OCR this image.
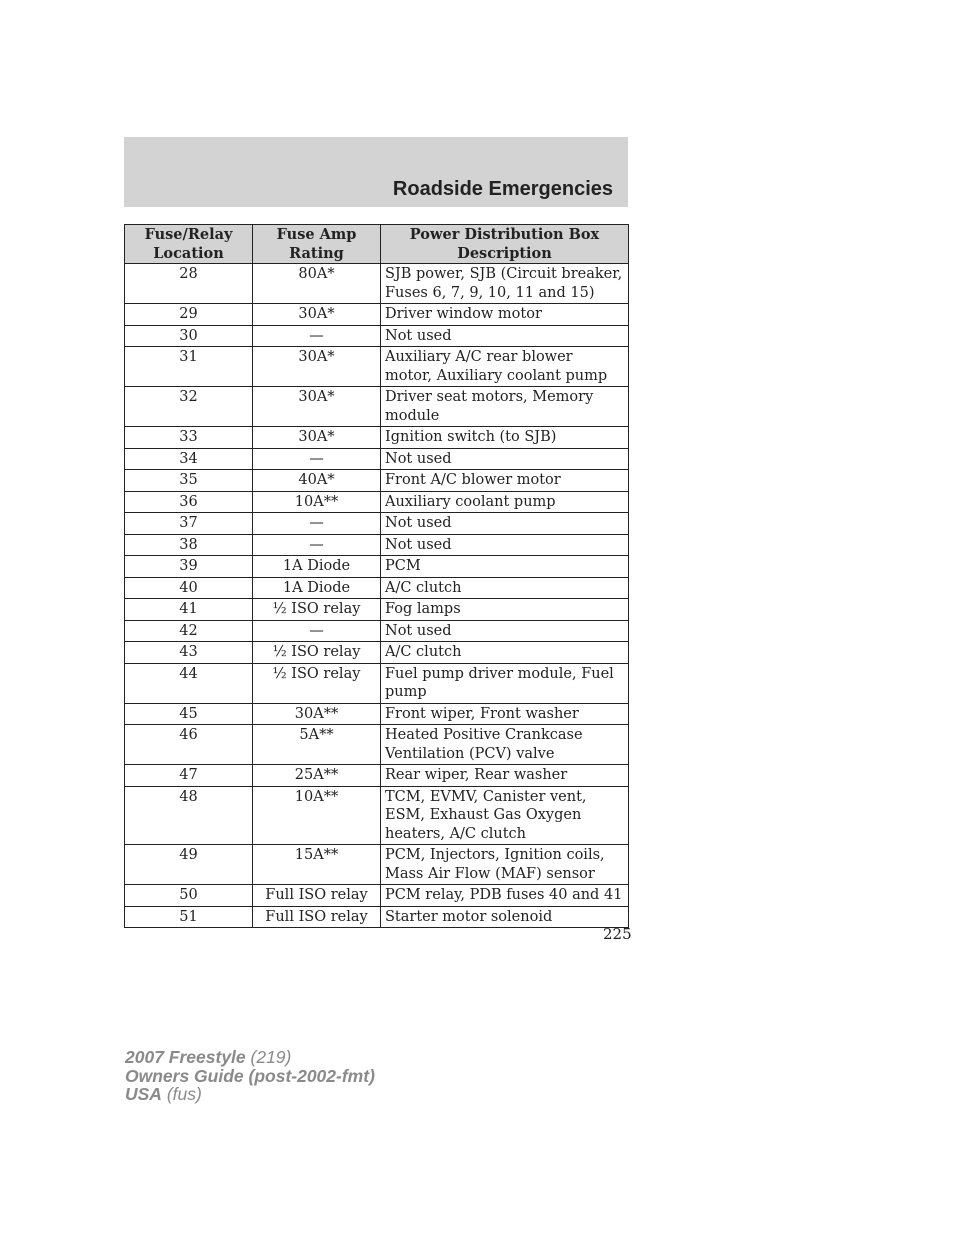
Roadside Emergencies
Fuse/Relay Location	Fuse Amp Rating	Power Distribution Box Description
28	80A*	SJB power, SJB (Circuit breaker, Fuses 6, 7, 9, 10, 11 and 15)
29	30A*	Driver window motor
30	—	Not used
31	30A*	Auxiliary A/C rear blower motor, Auxiliary coolant pump
32	30A*	Driver seat motors, Memory module
33	30A*	Ignition switch (to SJB)
34	—	Not used
35	40A*	Front A/C blower motor
36	10A**	Auxiliary coolant pump
37	—	Not used
38	—	Not used
39	1A Diode	PCM
40	1A Diode	A/C clutch
41	½ ISO relay	Fog lamps
42	—	Not used
43	½ ISO relay	A/C clutch
44	½ ISO relay	Fuel pump driver module, Fuel pump
45	30A**	Front wiper, Front washer
46	5A**	Heated Positive Crankcase Ventilation (PCV) valve
47	25A**	Rear wiper, Rear washer
48	10A**	TCM, EVMV, Canister vent, ESM, Exhaust Gas Oxygen heaters, A/C clutch
49	15A**	PCM, Injectors, Ignition coils, Mass Air Flow (MAF) sensor
50	Full ISO relay	PCM relay, PDB fuses 40 and 41
51	Full ISO relay	Starter motor solenoid
225
2007 Freestyle (219)
Owners Guide (post-2002-fmt)
USA (fus)
